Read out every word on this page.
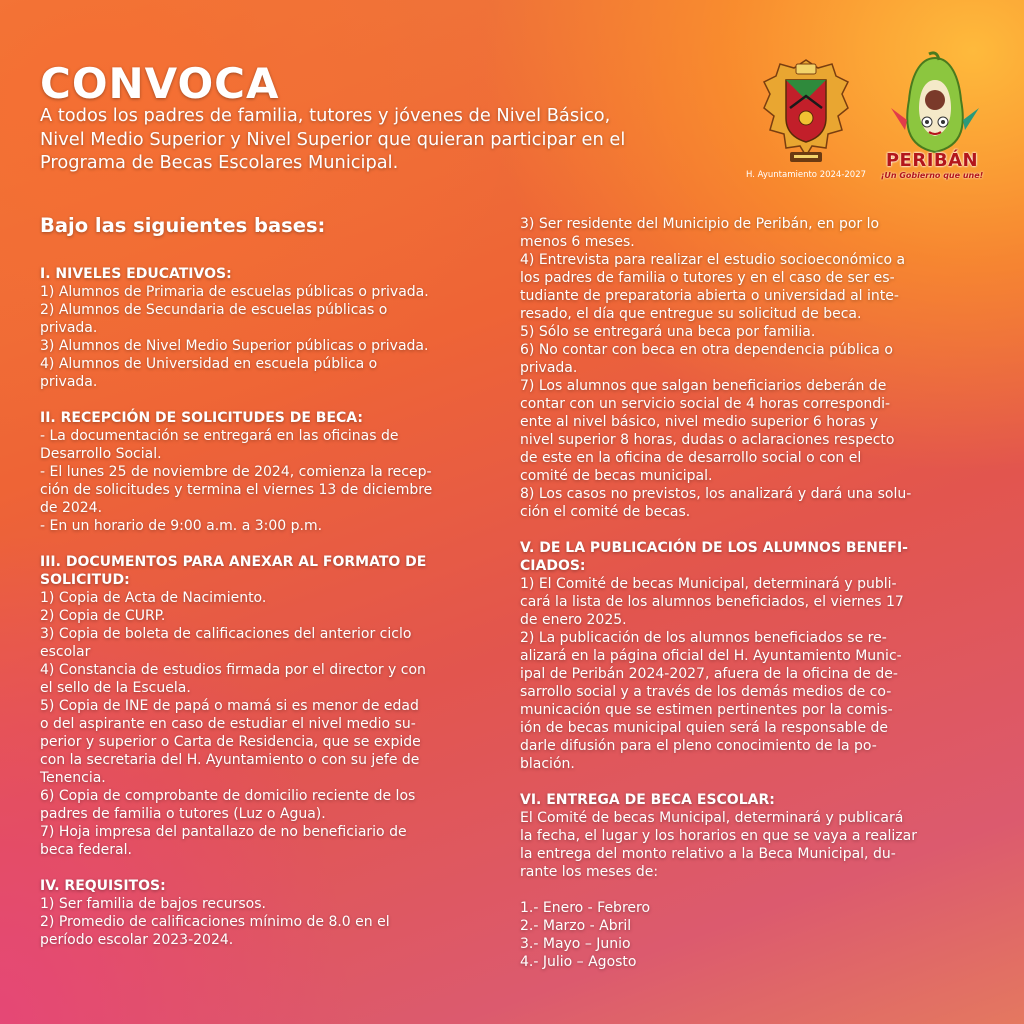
CONVOCA
A todos los padres de familia, tutores y jóvenes de Nivel Básico,
Nivel Medio Superior y Nivel Superior que quieran participar en el
Programa de Becas Escolares Municipal.
H. Ayuntamiento 2024-2027
PERIBÁN
¡Un Gobierno que une!
Bajo las siguientes bases:
I. NIVELES EDUCATIVOS:
1) Alumnos de Primaria de escuelas públicas o privada.
2) Alumnos de Secundaria de escuelas públicas o
privada.
3) Alumnos de Nivel Medio Superior públicas o privada.
4) Alumnos de Universidad en escuela pública o
privada.
II. RECEPCIÓN DE SOLICITUDES DE BECA:
- La documentación se entregará en las oficinas de
Desarrollo Social.
- El lunes 25 de noviembre de 2024, comienza la recep-
ción de solicitudes y termina el viernes 13 de diciembre
de 2024.
- En un horario de 9:00 a.m. a 3:00 p.m.
III. DOCUMENTOS PARA ANEXAR AL FORMATO DE
SOLICITUD:
1) Copia de Acta de Nacimiento.
2) Copia de CURP.
3) Copia de boleta de calificaciones del anterior ciclo
escolar
4) Constancia de estudios firmada por el director y con
el sello de la Escuela.
5) Copia de INE de papá o mamá si es menor de edad
o del aspirante en caso de estudiar el nivel medio su-
perior y superior o Carta de Residencia, que se expide
con la secretaria del H. Ayuntamiento o con su jefe de
Tenencia.
6) Copia de comprobante de domicilio reciente de los
padres de familia o tutores (Luz o Agua).
7) Hoja impresa del pantallazo de no beneficiario de
beca federal.
IV. REQUISITOS:
1) Ser familia de bajos recursos.
2) Promedio de calificaciones mínimo de 8.0 en el
período escolar 2023-2024.
3) Ser residente del Municipio de Peribán, en por lo
menos 6 meses.
4) Entrevista para realizar el estudio socioeconómico a
los padres de familia o tutores y en el caso de ser es-
tudiante de preparatoria abierta o universidad al inte-
resado, el día que entregue su solicitud de beca.
5) Sólo se entregará una beca por familia.
6) No contar con beca en otra dependencia pública o
privada.
7) Los alumnos que salgan beneficiarios deberán de
contar con un servicio social de 4 horas correspondi-
ente al nivel básico, nivel medio superior 6 horas y
nivel superior 8 horas, dudas o aclaraciones respecto
de este en la oficina de desarrollo social o con el
comité de becas municipal.
8) Los casos no previstos, los analizará y dará una solu-
ción el comité de becas.
V. DE LA PUBLICACIÓN DE LOS ALUMNOS BENEFI-
CIADOS:
1) El Comité de becas Municipal, determinará y publi-
cará la lista de los alumnos beneficiados, el viernes 17
de enero 2025.
2) La publicación de los alumnos beneficiados se re-
alizará en la página oficial del H. Ayuntamiento Munic-
ipal de Peribán 2024-2027, afuera de la oficina de de-
sarrollo social y a través de los demás medios de co-
municación que se estimen pertinentes por la comis-
ión de becas municipal quien será la responsable de
darle difusión para el pleno conocimiento de la po-
blación.
VI. ENTREGA DE BECA ESCOLAR:
El Comité de becas Municipal, determinará y publicará
la fecha, el lugar y los horarios en que se vaya a realizar
la entrega del monto relativo a la Beca Municipal, du-
rante los meses de:
1.- Enero - Febrero
2.- Marzo - Abril
3.- Mayo – Junio
4.- Julio – Agosto
